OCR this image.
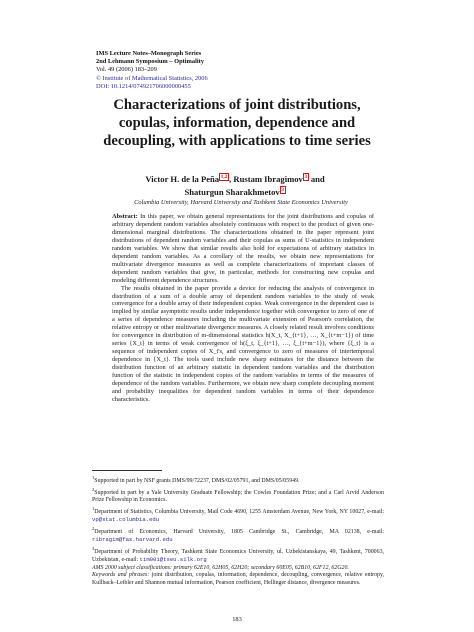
IMS Lecture Notes–Monograph Series
2nd Lehmann Symposium – Optimality
Vol. 49 (2006) 183–209
© Institute of Mathematical Statistics, 2006
DOI: 10.1214/074921706000000455
Characterizations of joint distributions, copulas, information, dependence and decoupling, with applications to time series
Victor H. de la Peña $^{1,2}$ , Rustam Ibragimov $^3$ and
Shaturgun Sharakhmetov $^3$
Columbia University, Harvard University and Tashkent State Economics University

Abstract: In this paper, we obtain general representations for the joint distributions and copulas of arbitrary dependent random variables absolutely continuous with respect to the product of given one-dimensional marginal distributions. The characterizations obtained in the paper represent joint distributions of dependent random variables and their copulas as sums of U-statistics in independent random variables. We show that similar results also hold for expectations of arbitrary statistics in dependent random variables. As a corollary of the results, we obtain new representations for multivariate divergence measures as well as complete characterizations of important classes of dependent random variables that give, in particular, methods for constructing new copulas and modeling different dependence structures.

The results obtained in the paper provide a device for reducing the analysis of convergence in distribution of a sum of a double array of dependent random variables to the study of weak convergence for a double array of their independent copies. Weak convergence in the dependent case is implied by similar asymptotic results under independence together with convergence to zero of one of a series of dependence measures including the multivariate extension of Pearson's correlation, the relative entropy or other multivariate divergence measures. A closely related result involves conditions for convergence in distribution of m-dimensional statistics h(X_t, X_{t+1}, …, X_{t+m−1}) of time series {X_t} in terms of weak convergence of h(ξ_t, ξ_{t+1}, …, ξ_{t+m−1}), where {ξ_t} is a sequence of independent copies of X_t's, and convergence to zero of measures of intertemporal dependence in {X_t}. The tools used include new sharp estimates for the distance between the distribution function of an arbitrary statistic in dependent random variables and the distribution function of the statistic in independent copies of the random variables in terms of the measures of dependence of the random variables. Furthermore, we obtain new sharp complete decoupling moment and probability inequalities for dependent random variables in terms of their dependence characteristics.

$^1$Supported in part by NSF grants DMS/99/72237, DMS/02/05791, and DMS/05/05949.

$^2$Supported in part by a Yale University Graduate Fellowship; the Cowles Foundation Prize; and a Carl Arvid Anderson Prize Fellowship in Economics.

$^1$Department of Statistics, Columbia University, Mail Code 4690, 1255 Amsterdam Avenue, New York, NY 10027, e-mail: vp@stat.columbia.edu

$^2$Department of Economics, Harvard University, 1805 Cambridge St., Cambridge, MA 02138, e-mail: ribragim@fas.harvard.edu

$^3$Department of Probability Theory, Tashkent State Economics University, ul. Uzbekistanskaya, 49, Tashkent, 700063, Uzbekistan, e-mail: tim001@tseu.silk.org

AMS 2000 subject classifications: primary 62E10, 62H05, 62H20; secondary 60E05, 62B10, 62F12, 62G20.

Keywords and phrases: joint distribution, copulas, information, dependence, decoupling, convergence, relative entropy, Kullback–Leibler and Shannon mutual information, Pearson coefficient, Hellinger distance, divergence measures.

183
